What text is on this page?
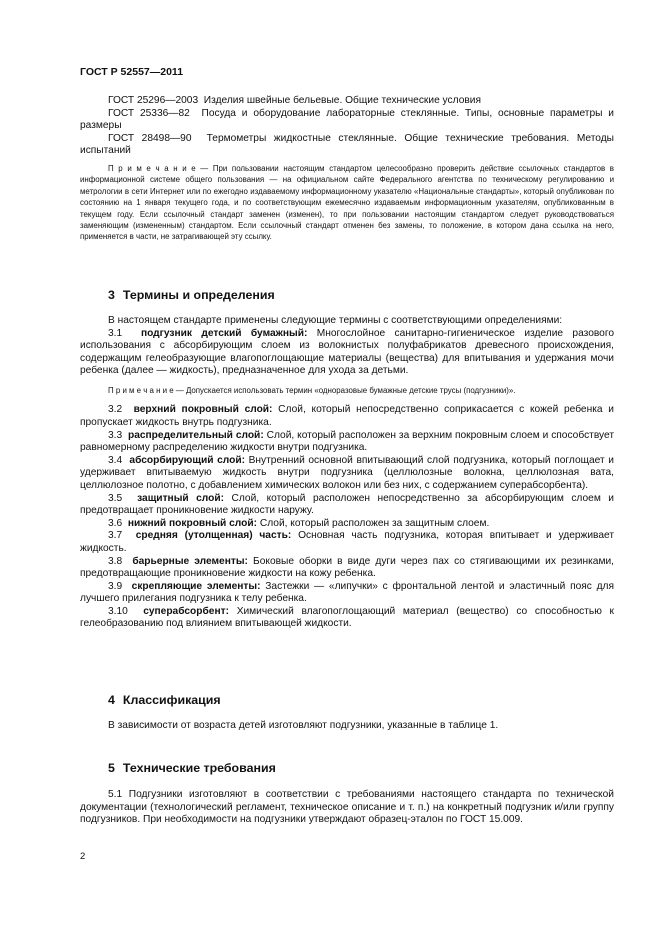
ГОСТ Р 52557—2011

ГОСТ 25296—2003 Изделия швейные бельевые. Общие технические условия

ГОСТ 25336—82 Посуда и оборудование лабораторные стеклянные. Типы, основные параметры и размеры

ГОСТ 28498—90 Термометры жидкостные стеклянные. Общие технические требования. Методы испытаний

П р и м е ч а н и е — При пользовании настоящим стандартом целесообразно проверить действие ссылочных стандартов в информационной системе общего пользования — на официальном сайте Федерального агентства по техническому регулированию и метрологии в сети Интернет или по ежегодно издаваемому информационному указателю «Национальные стандарты», который опубликован по состоянию на 1 января текущего года, и по соответствующим ежемесячно издаваемым информационным указателям, опубликованным в текущем году. Если ссылочный стандарт заменен (изменен), то при пользовании настоящим стандартом следует руководствоваться заменяющим (измененным) стандартом. Если ссылочный стандарт отменен без замены, то положение, в котором дана ссылка на него, применяется в части, не затрагивающей эту ссылку.

3 Термины и определения

В настоящем стандарте применены следующие термины с соответствующими определениями:

3.1 подгузник детский бумажный: Многослойное санитарно-гигиеническое изделие разового использования с абсорбирующим слоем из волокнистых полуфабрикатов древесного происхождения, содержащим гелеобразующие влагопоглощающие материалы (вещества) для впитывания и удержания мочи ребенка (далее — жидкость), предназначенное для ухода за детьми.

П р и м е ч а н и е — Допускается использовать термин «одноразовые бумажные детские трусы (подгузники)».

3.2 верхний покровный слой: Слой, который непосредственно соприкасается с кожей ребенка и пропускает жидкость внутрь подгузника.

3.3 распределительный слой: Слой, который расположен за верхним покровным слоем и способствует равномерному распределению жидкости внутри подгузника.

3.4 абсорбирующий слой: Внутренний основной впитывающий слой подгузника, который поглощает и удерживает впитываемую жидкость внутри подгузника (целлюлозные волокна, целлюлозная вата, целлюлозное полотно, с добавлением химических волокон или без них, с содержанием суперабсорбента).

3.5 защитный слой: Слой, который расположен непосредственно за абсорбирующим слоем и предотвращает проникновение жидкости наружу.

3.6 нижний покровный слой: Слой, который расположен за защитным слоем.

3.7 средняя (утолщенная) часть: Основная часть подгузника, которая впитывает и удерживает жидкость.

3.8 барьерные элементы: Боковые оборки в виде дуги через пах со стягивающими их резинками, предотвращающие проникновение жидкости на кожу ребенка.

3.9 скрепляющие элементы: Застежки — «липучки» с фронтальной лентой и эластичный пояс для лучшего прилегания подгузника к телу ребенка.

3.10 суперабсорбент: Химический влагопоглощающий материал (вещество) со способностью к гелеобразованию под влиянием впитывающей жидкости.

4 Классификация

В зависимости от возраста детей изготовляют подгузники, указанные в таблице 1.

5 Технические требования

5.1 Подгузники изготовляют в соответствии с требованиями настоящего стандарта по технической документации (технологический регламент, техническое описание и т. п.) на конкретный подгузник и/или группу подгузников. При необходимости на подгузники утверждают образец-эталон по ГОСТ 15.009.

2
